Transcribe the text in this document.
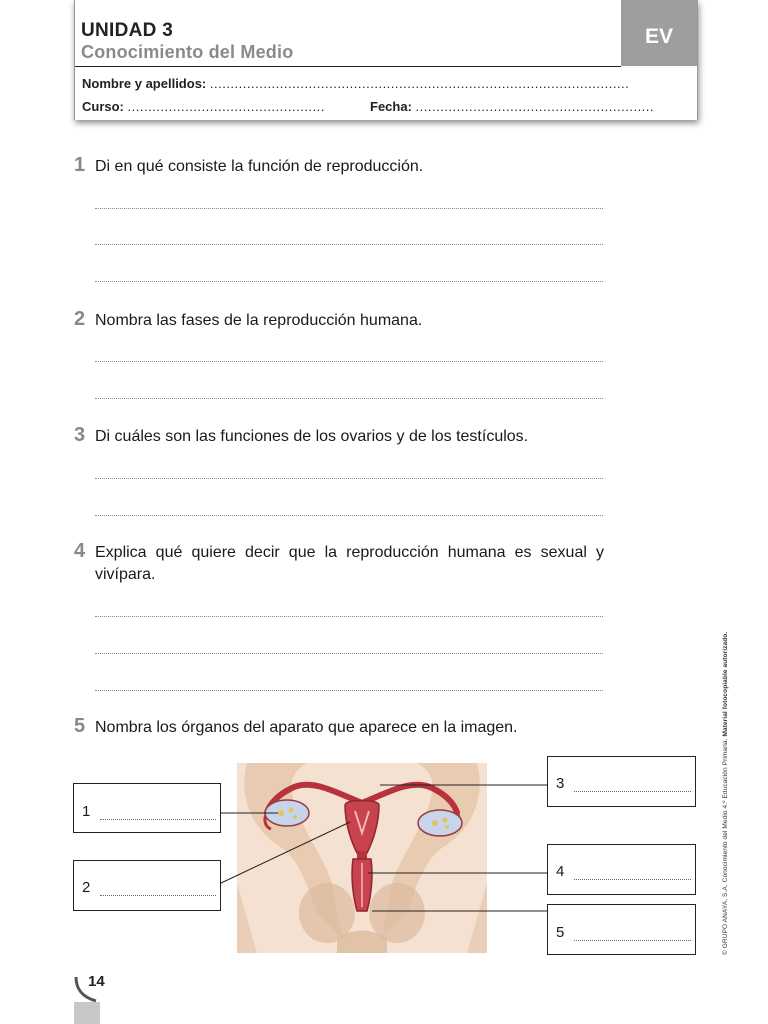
UNIDAD 3
Conocimiento del Medio
EV
Nombre y apellidos: ......................................................................................................
Curso: ................................................	Fecha: ..........................................................
1 Di en qué consiste la función de reproducción.
2 Nombra las fases de la reproducción humana.
3 Di cuáles son las funciones de los ovarios y de los testículos.
4 Explica qué quiere decir que la reproducción humana es sexual y vivípara.
5 Nombra los órganos del aparato que aparece en la imagen.
1
2
3
4
5	© GRUPO ANAYA, S.A. Conocimiento del Medio 4.º Educación Primaria. Material fotocopiable autorizado.
14
